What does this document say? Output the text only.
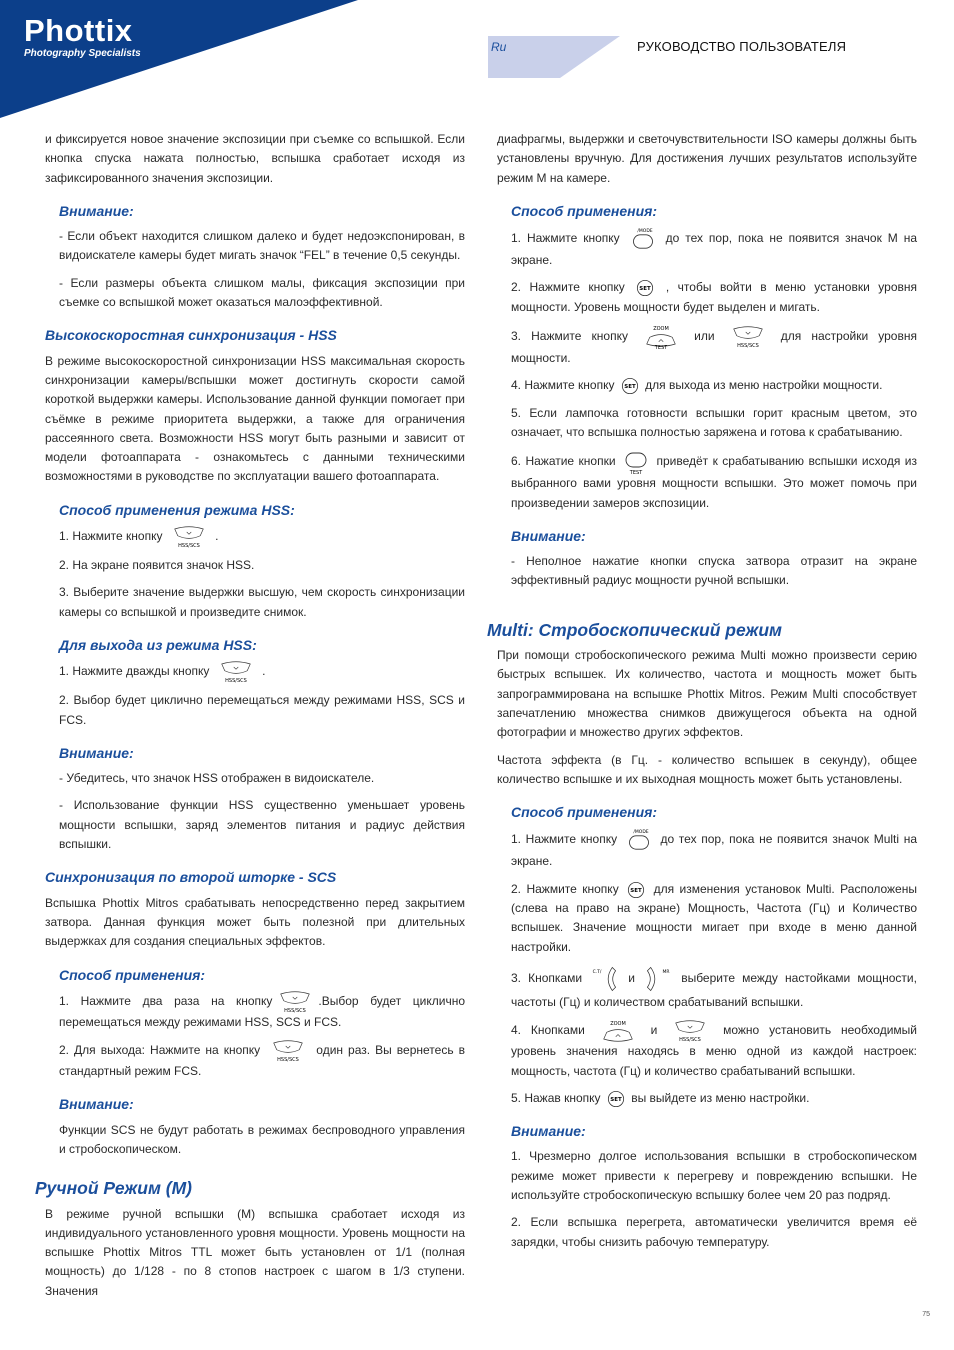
Phottix
Photography Specialists	Ru	РУКОВОДСТВО ПОЛЬЗОВАТЕЛЯ

и фиксируется новое значение экспозиции при съемке со вспышкой. Если кнопка спуска нажата полностью, вспышка сработает исходя из зафиксированного значения экспозиции.

Внимание:

- Если объект находится слишком далеко и будет недоэкспонирован, в видоискателе камеры будет мигать значок “FEL” в течение 0,5 секунды.

- Если размеры объекта слишком малы, фиксация экспозиции при съемке со вспышкой может оказаться малоэффективной.

Высокоскоростная синхронизация - HSS

В режиме высокоскоростной синхронизации HSS максимальная скорость синхронизации камеры/вспышки может достигнуть скорости самой короткой выдержки камеры. Использование данной функции помогает при съёмке в режиме приоритета выдержки, а также для ограничения рассеянного света. Возможности HSS могут быть разными и зависит от модели фотоаппарата - ознакомьтесь с данными техническими возможностями в руководстве по эксплуатации вашего фотоаппарата.

Способ применения режима HSS:

1. Нажмите кнопку
HSS/SCS
.

2. На экране появится значок HSS.

3. Выберите значение выдержки высшую, чем скорость синхронизации камеры со вспышкой и произведите снимок.

Для выхода из режима HSS:

1. Нажмите дважды кнопку
HSS/SCS
.

2. Выбор будет циклично перемещаться между режимами HSS, SCS и FCS.

Внимание:

- Убедитесь, что значок HSS отображен в видоискателе.

- Использование функции HSS существенно уменьшает уровень мощности вспышки, заряд элементов питания и радиус действия вспышки.

Синхронизация по второй шторке - SCS

Вспышка Phottix Mitros срабатывать непосредственно перед закрытием затвора. Данная функция может быть полезной при длительных выдержках для создания специальных эффектов.

Способ применения:

1. Нажмите два раза на кнопку
HSS/SCS
.Выбор будет циклично перемещаться между режимами HSS, SCS и FCS.

2. Для выхода: Нажмите на кнопку
HSS/SCS
один раз. Вы вернетесь в стандартный режим FCS.

Внимание:

Функции SCS не будут работать в режимах беспроводного управления и стробоскопическом.

Ручной Режим (M)

В режиме ручной вспышки (M) вспышка сработает исходя из индивидуального установленного уровня мощности. Уровень мощности на вспышке Phottix Mitros TTL может быть установлен от 1/1 (полная мощность) до 1/128 - по 8 стопов настроек с шагом в 1/3 ступени. Значения

диафрагмы, выдержки и светочувствительности ISO камеры должны быть установлены вручную. Для достижения лучших результатов используйте режим M на камере.

Способ применения:

1. Нажмите кнопку	/MODE до тех пор, пока не появится значок M на экране.

2. Нажмите кнопку	SET , чтобы войти в меню установки уровня мощности. Уровень мощности будет выделен и мигать.

3. Нажмите кнопку
ZOOM
TEST
или
HSS/SCS
для настройки уровня мощности.

4. Нажмите кнопку SET для выхода из меню настройки мощности.

5. Если лампочка готовности вспышки горит красным цветом, это означает, что вспышка полностью заряжена и готова к срабатыванию.

6. Нажатие кнопки
TEST
приведёт к срабатыванию вспышки исходя из выбранного вами уровня мощности вспышки. Это может помочь при произведении замеров экспозиции.

Внимание:

- Неполное нажатие кнопки спуска затвора отразит на экране эффективный радиус мощности ручной вспышки.

Multi: Стробоскопический режим

При помощи стробоскопического режима Multi можно произвести серию быстрых вспышек. Их количество, частота и мощность может быть запрограммирована на вспышке Phottix Mitros. Режим Multi способствует запечатлению множества снимков движущегося объекта на одной фотографии и множество других эффектов.

Частота эффекта (в Гц. - количество вспышек в секунду), общее количество вспышке и их выходная мощность может быть установлены.

Способ применения:

1. Нажмите кнопку	/MODE до тех пор, пока не появится значок Multi на экране.

2. Нажмите кнопку SET для изменения установок Multi. Расположены (слева на право на экране) Мощность, Частота (Гц) и Количество вспышек. Значение мощности мигает при входе в меню данной настройки.

3. Кнопками C.T/ и	MR выберите между настойками мощности, частоты (Гц) и количеством срабатываний вспышки.

4. Кнопками	ZOOM и
HSS/SCS
можно установить необходимый уровень значения находясь в меню одной из каждой настроек: мощность, частота (Гц) и количество срабатываний вспышки.

5. Нажав кнопку SET вы выйдете из меню настройки.

Внимание:

1. Чрезмерно долгое использования вспышки в стробоскопическом режиме может привести к перегреву и повреждению вспышки. Не используйте стробоскопическую вспышку более чем 20 раз подряд.

2. Если вспышка перегрета, автоматически увеличится время её зарядки, чтобы снизить рабочую температуру.

75
